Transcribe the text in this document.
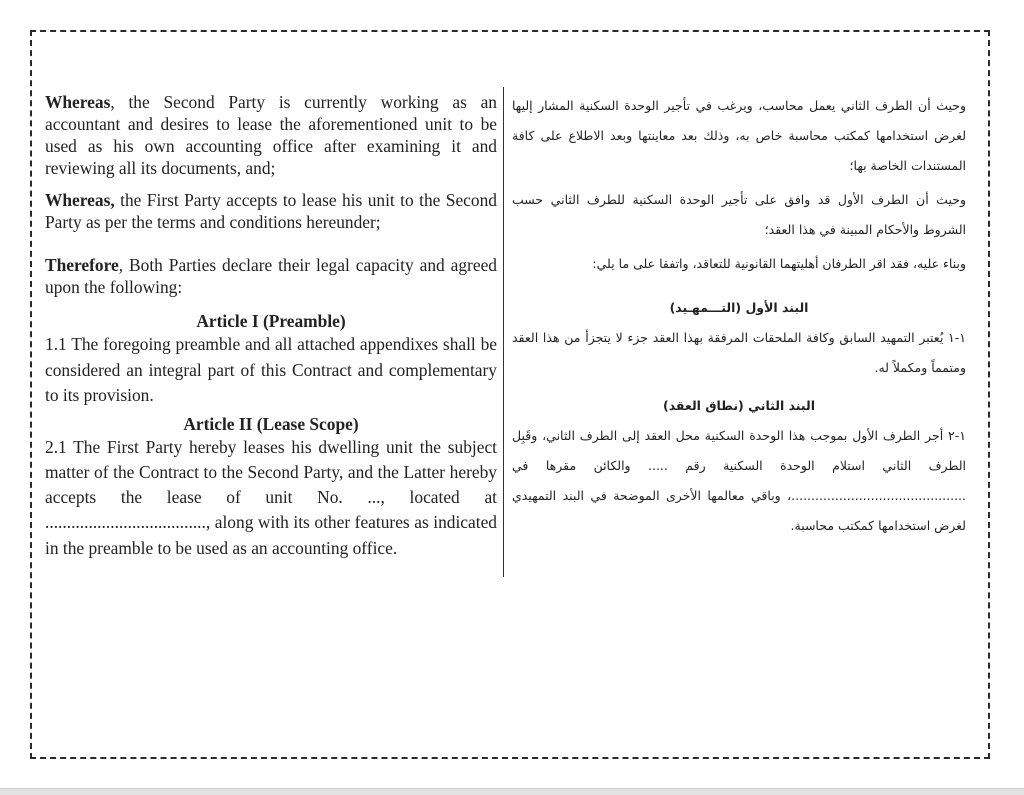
Whereas, the Second Party is currently working as an accountant and desires to lease the aforementioned unit to be used as his own accounting office after examining it and reviewing all its documents, and;

Whereas, the First Party accepts to lease his unit to the Second Party as per the terms and conditions hereunder;

Therefore, Both Parties declare their legal capacity and agreed upon the following:

Article I (Preamble)

1.1 The foregoing preamble and all attached appendixes shall be considered an integral part of this Contract and complementary to its provision.

Article II (Lease Scope)

2.1 The First Party hereby leases his dwelling unit the subject matter of the Contract to the Second Party, and the Latter hereby accepts the lease of unit No. ..., located at ....................................., along with its other features as indicated in the preamble to be used as an accounting office.

وحيث أن الطرف الثاني يعمل محاسب، ويرغب في تأجير الوحدة السكنية المشار إليها لغرض استخدامها كمكتب محاسبة خاص به، وذلك بعد معاينتها وبعد الاطلاع على كافة المستندات الخاصة بها؛

وحيث أن الطرف الأول قد وافق على تأجير الوحدة السكنية للطرف الثاني حسب الشروط والأحكام المبينة في هذا العقد؛

وبناء عليه، فقد اقر الطرفان أهليتهما القانونية للتعاقد، واتفقا على ما يلي:

البند الأول (التـــمهـيد)

١-١ يُعتبر التمهيد السابق وكافة الملحقات المرفقة بهذا العقد جزء لا يتجزأ من هذا العقد ومتمماً ومكملاً له.

البند الثاني (نطاق العقد)

١-٢ أجر الطرف الأول بموجب هذا الوحدة السكنية محل العقد إلى الطرف الثاني، وقَبِل الطرف الثاني استلام الوحدة السكنية رقم ..... والكائن مقرها في ............................................، وباقي معالمها الأخرى الموضحة في البند التمهيدي لغرض استخدامها كمكتب محاسبة.
